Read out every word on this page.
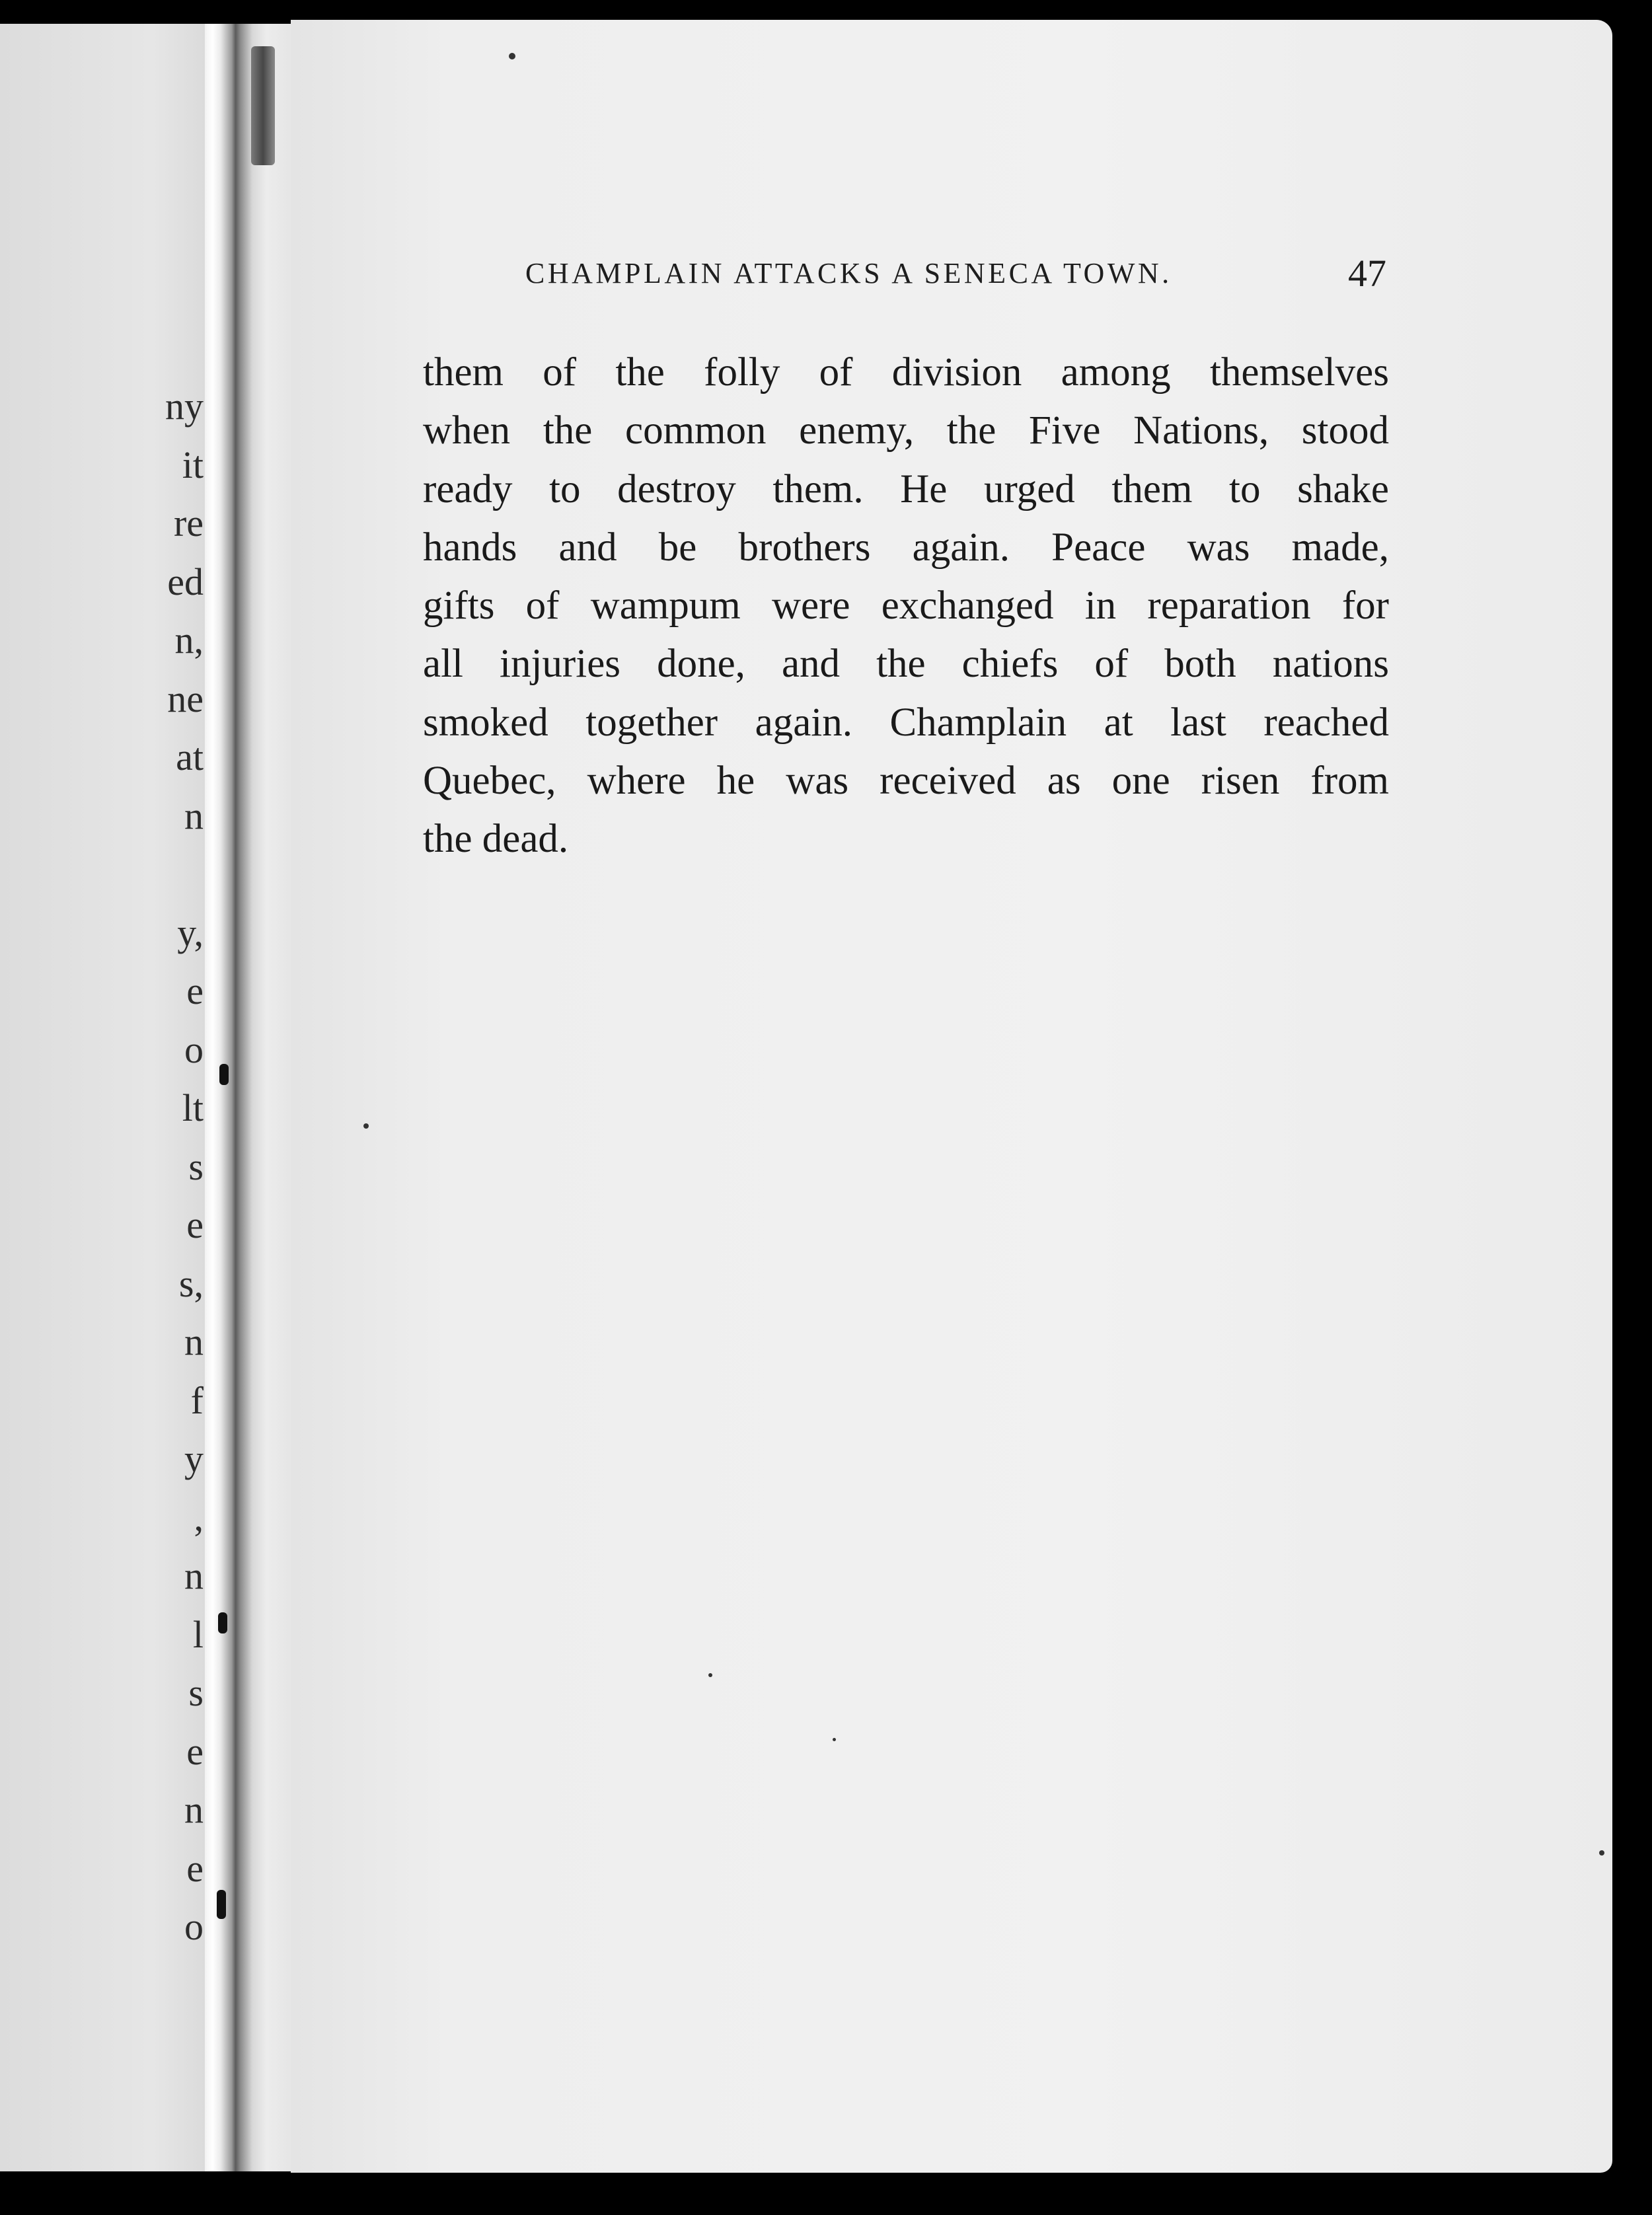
ny
it
re
ed
n,
ne
at
n
y,
e
o
lt
s
e
s,
n
f
y
,
n
l
s
e
n
e
o
CHAMPLAIN ATTACKS A SENECA TOWN.	47
them of the folly of division among themselves
when the common enemy, the Five Nations, stood
ready to destroy them. He urged them to shake
hands and be brothers again. Peace was made,
gifts of wampum were exchanged in reparation for
all injuries done, and the chiefs of both nations
smoked together again. Champlain at last reached
Quebec, where he was received as one risen from
the dead.
